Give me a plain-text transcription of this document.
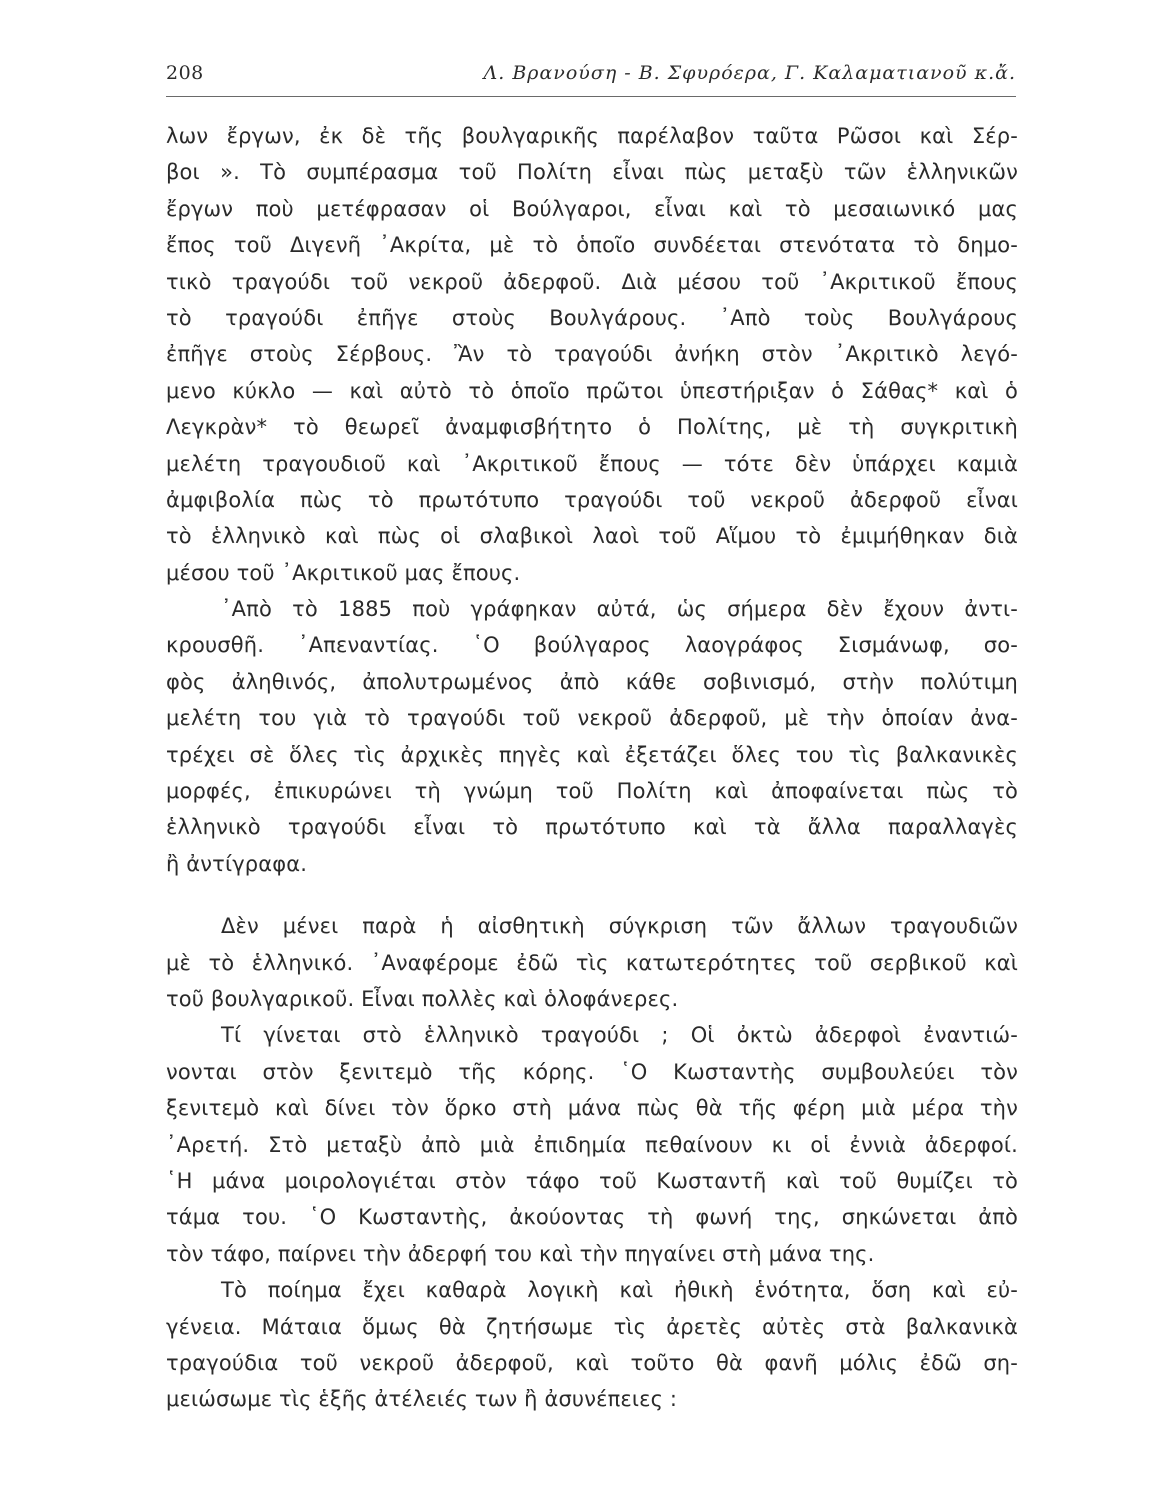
208	Λ. Βρανούση - Β. Σφυρόερα, Γ. Καλαματιανοῦ κ.ἄ.
λων ἔργων, ἐκ δὲ τῆς βουλγαρικῆς παρέλαβον ταῦτα Ρῶσοι καὶ Σέρ-
βοι ». Τὸ συμπέρασμα τοῦ Πολίτη εἶναι πὼς μεταξὺ τῶν ἑλληνικῶν
ἔργων ποὺ μετέφρασαν οἱ Βούλγαροι, εἶναι καὶ τὸ μεσαιωνικό μας
ἔπος τοῦ Διγενῆ ᾿Ακρίτα, μὲ τὸ ὁποῖο συνδέεται στενότατα τὸ δημο-
τικὸ τραγούδι τοῦ νεκροῦ ἀδερφοῦ. Διὰ μέσου τοῦ ᾿Ακριτικοῦ ἔπους
τὸ τραγούδι ἐπῆγε στοὺς Βουλγάρους. ᾿Απὸ τοὺς Βουλγάρους
ἐπῆγε στοὺς Σέρβους. Ἂν τὸ τραγούδι ἀνήκη στὸν ᾿Ακριτικὸ λεγό-
μενο κύκλο — καὶ αὐτὸ τὸ ὁποῖο πρῶτοι ὑπεστήριξαν ὁ Σάθας* καὶ ὁ
Λεγκρὰν* τὸ θεωρεῖ ἀναμφισβήτητο ὁ Πολίτης, μὲ τὴ συγκριτικὴ
μελέτη τραγουδιοῦ καὶ ᾿Ακριτικοῦ ἔπους — τότε δὲν ὑπάρχει καμιὰ
ἀμφιβολία πὼς τὸ πρωτότυπο τραγούδι τοῦ νεκροῦ ἀδερφοῦ εἶναι
τὸ ἑλληνικὸ καὶ πὼς οἱ σλαβικοὶ λαοὶ τοῦ Αἵμου τὸ ἐμιμήθηκαν διὰ
μέσου τοῦ ᾿Ακριτικοῦ μας ἔπους.
᾿Απὸ τὸ 1885 ποὺ γράφηκαν αὐτά, ὡς σήμερα δὲν ἔχουν ἀντι-
κρουσθῆ. ᾿Απεναντίας. ῾Ο βούλγαρος λαογράφος Σισμάνωφ, σο-
φὸς ἀληθινός, ἀπολυτρωμένος ἀπὸ κάθε σοβινισμό, στὴν πολύτιμη
μελέτη του γιὰ τὸ τραγούδι τοῦ νεκροῦ ἀδερφοῦ, μὲ τὴν ὁποίαν ἀνα-
τρέχει σὲ ὅλες τὶς ἀρχικὲς πηγὲς καὶ ἐξετάζει ὅλες του τὶς βαλκανικὲς
μορφές, ἐπικυρώνει τὴ γνώμη τοῦ Πολίτη καὶ ἀποφαίνεται πὼς τὸ
ἑλληνικὸ τραγούδι εἶναι τὸ πρωτότυπο καὶ τὰ ἄλλα παραλλαγὲς
ἢ ἀντίγραφα.
Δὲν μένει παρὰ ἡ αἰσθητικὴ σύγκριση τῶν ἄλλων τραγουδιῶν
μὲ τὸ ἑλληνικό. ᾿Αναφέρομε ἐδῶ τὶς κατωτερότητες τοῦ σερβικοῦ καὶ
τοῦ βουλγαρικοῦ. Εἶναι πολλὲς καὶ ὁλοφάνερες.
Τί γίνεται στὸ ἑλληνικὸ τραγούδι ; Οἱ ὀκτὼ ἀδερφοὶ ἐναντιώ-
νονται στὸν ξενιτεμὸ τῆς κόρης. ῾Ο Κωσταντὴς συμβουλεύει τὸν
ξενιτεμὸ καὶ δίνει τὸν ὅρκο στὴ μάνα πὼς θὰ τῆς φέρη μιὰ μέρα τὴν
᾿Αρετή. Στὸ μεταξὺ ἀπὸ μιὰ ἐπιδημία πεθαίνουν κι οἱ ἐννιὰ ἀδερφοί.
῾Η μάνα μοιρολογιέται στὸν τάφο τοῦ Κωσταντῆ καὶ τοῦ θυμίζει τὸ
τάμα του. ῾Ο Κωσταντὴς, ἀκούοντας τὴ φωνή της, σηκώνεται ἀπὸ
τὸν τάφο, παίρνει τὴν ἀδερφή του καὶ τὴν πηγαίνει στὴ μάνα της.
Τὸ ποίημα ἔχει καθαρὰ λογικὴ καὶ ἠθικὴ ἑνότητα, ὅση καὶ εὐ-
γένεια. Μάταια ὅμως θὰ ζητήσωμε τὶς ἀρετὲς αὐτὲς στὰ βαλκανικὰ
τραγούδια τοῦ νεκροῦ ἀδερφοῦ, καὶ τοῦτο θὰ φανῆ μόλις ἐδῶ ση-
μειώσωμε τὶς ἑξῆς ἀτέλειές των ἢ ἀσυνέπειες :
